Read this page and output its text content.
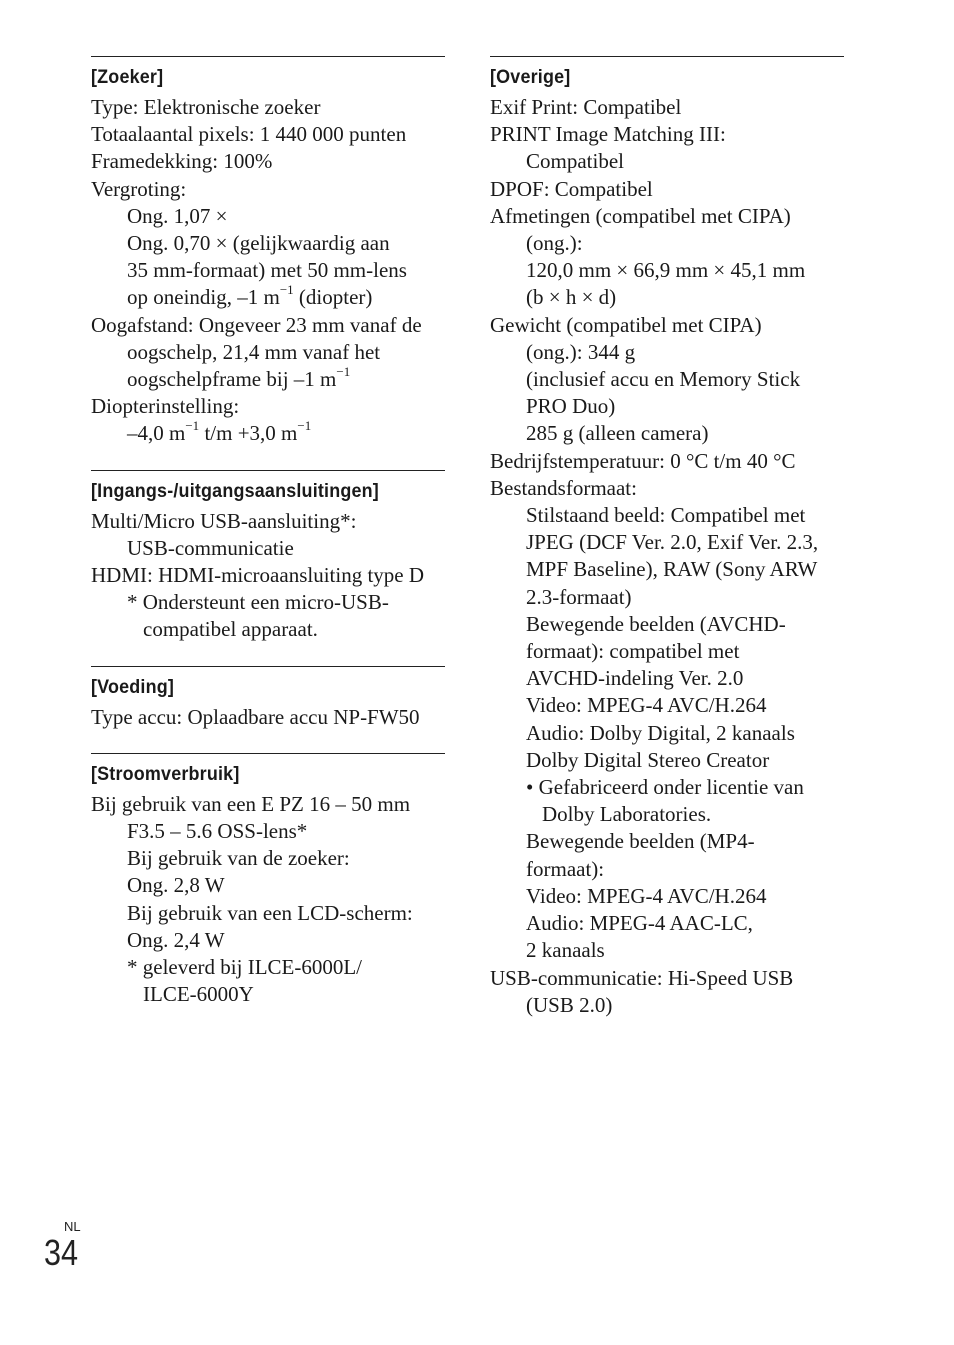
[Zoeker]
Type: Elektronische zoeker
Totaalaantal pixels: 1 440 000 punten
Framedekking: 100%
Vergroting:
Ong. 1,07 ×
Ong. 0,70 × (gelijkwaardig aan
35 mm-formaat) met 50 mm-lens
op oneindig, –1 $m^{-1}$ (diopter)
Oogafstand: Ongeveer 23 mm vanaf de
oogschelp, 21,4 mm vanaf het
oogschelpframe bij –1 $m^{-1}$
Diopterinstelling:
–4,0 $m^{-1}$ t/m +3,0 $m^{-1}$
[Ingangs-/uitgangsaansluitingen]
Multi/Micro USB-aansluiting*:
USB-communicatie
HDMI: HDMI-microaansluiting type D
* Ondersteunt een micro-USB-
compatibel apparaat.
[Voeding]
Type accu: Oplaadbare accu NP-FW50
[Stroomverbruik]
Bij gebruik van een E PZ 16 – 50 mm
F3.5 – 5.6 OSS-lens*
Bij gebruik van de zoeker:
Ong. 2,8 W
Bij gebruik van een LCD-scherm:
Ong. 2,4 W
* geleverd bij ILCE-6000L/
ILCE-6000Y
[Overige]
Exif Print: Compatibel
PRINT Image Matching III:
Compatibel
DPOF: Compatibel
Afmetingen (compatibel met CIPA)
(ong.):
120,0 mm × 66,9 mm × 45,1 mm
(b × h × d)
Gewicht (compatibel met CIPA)
(ong.): 344 g
(inclusief accu en Memory Stick
PRO Duo)
285 g (alleen camera)
Bedrijfstemperatuur: 0 °C t/m 40 °C
Bestandsformaat:
Stilstaand beeld: Compatibel met
JPEG (DCF Ver. 2.0, Exif Ver. 2.3,
MPF Baseline), RAW (Sony ARW
2.3-formaat)
Bewegende beelden (AVCHD-
formaat): compatibel met
AVCHD-indeling Ver. 2.0
Video: MPEG-4 AVC/H.264
Audio: Dolby Digital, 2 kanaals
Dolby Digital Stereo Creator
• Gefabriceerd onder licentie van
Dolby Laboratories.
Bewegende beelden (MP4-
formaat):
Video: MPEG-4 AVC/H.264
Audio: MPEG-4 AAC-LC,
2 kanaals
USB-communicatie: Hi-Speed USB
(USB 2.0)
NL
34
